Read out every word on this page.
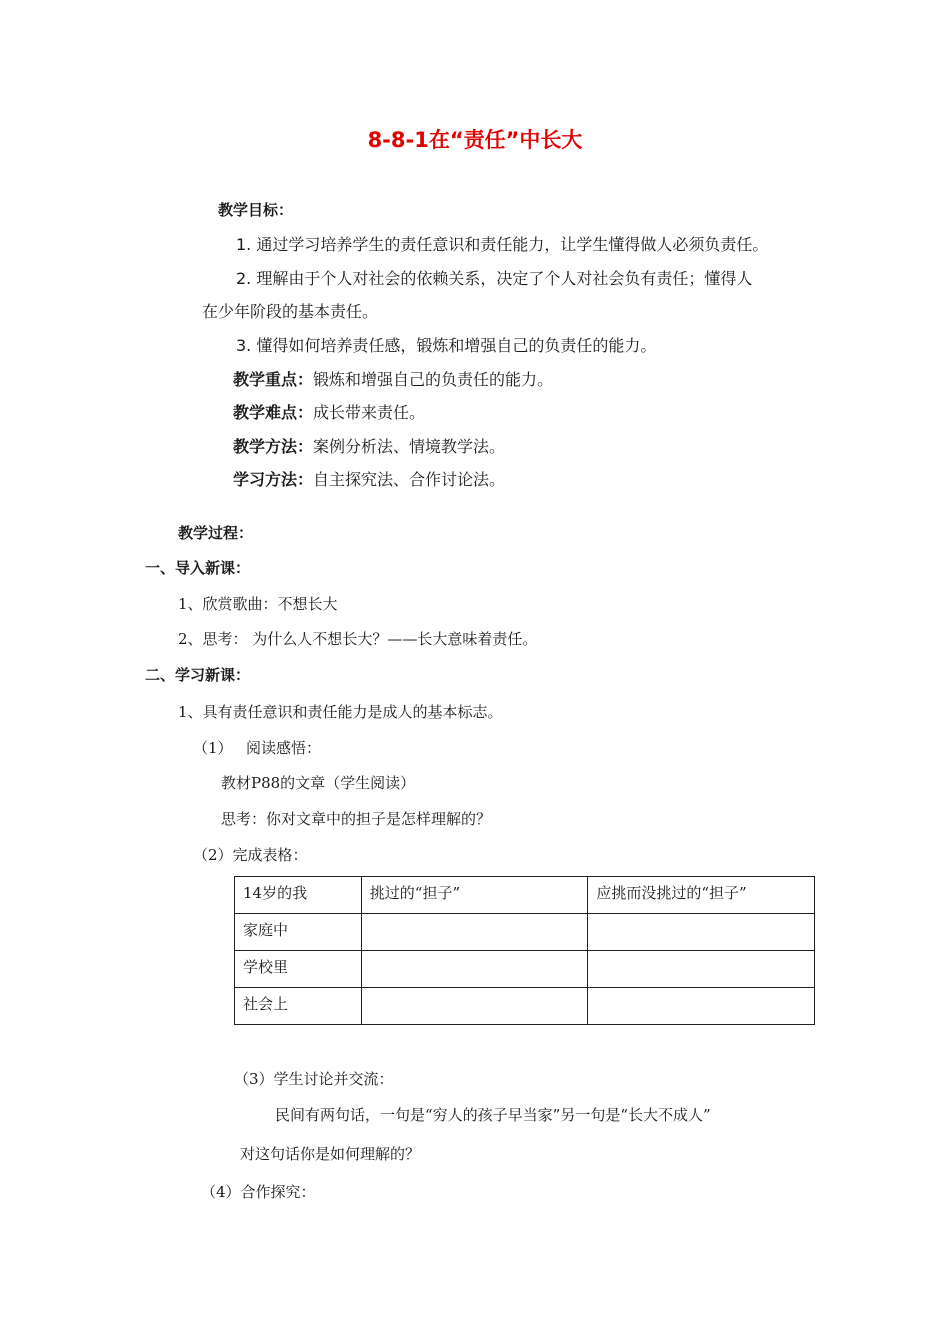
8-8-1在“责任”中长大
教学目标：
1. 通过学习培养学生的责任意识和责任能力，让学生懂得做人必须负责任。
2. 理解由于个人对社会的依赖关系，决定了个人对社会负有责任；懂得人
在少年阶段的基本责任。
3. 懂得如何培养责任感，锻炼和增强自己的负责任的能力。
教学重点：锻炼和增强自己的负责任的能力。
教学难点：成长带来责任。
教学方法：案例分析法、情境教学法。
学习方法：自主探究法、合作讨论法。
教学过程：
一、导入新课：
1、欣赏歌曲：不想长大
2、思考： 为什么人不想长大？——长大意味着责任。
二、学习新课：
1、具有责任意识和责任能力是成人的基本标志。
（1） 阅读感悟：
教材P88的文章（学生阅读）
思考：你对文章中的担子是怎样理解的？
（2）完成表格：
14岁的我	挑过的“担子”	应挑而没挑过的“担子”
家庭中		
学校里		
社会上		
（3）学生讨论并交流：
民间有两句话，一句是“穷人的孩子早当家”另一句是“长大不成人”
对这句话你是如何理解的？
（4）合作探究：
